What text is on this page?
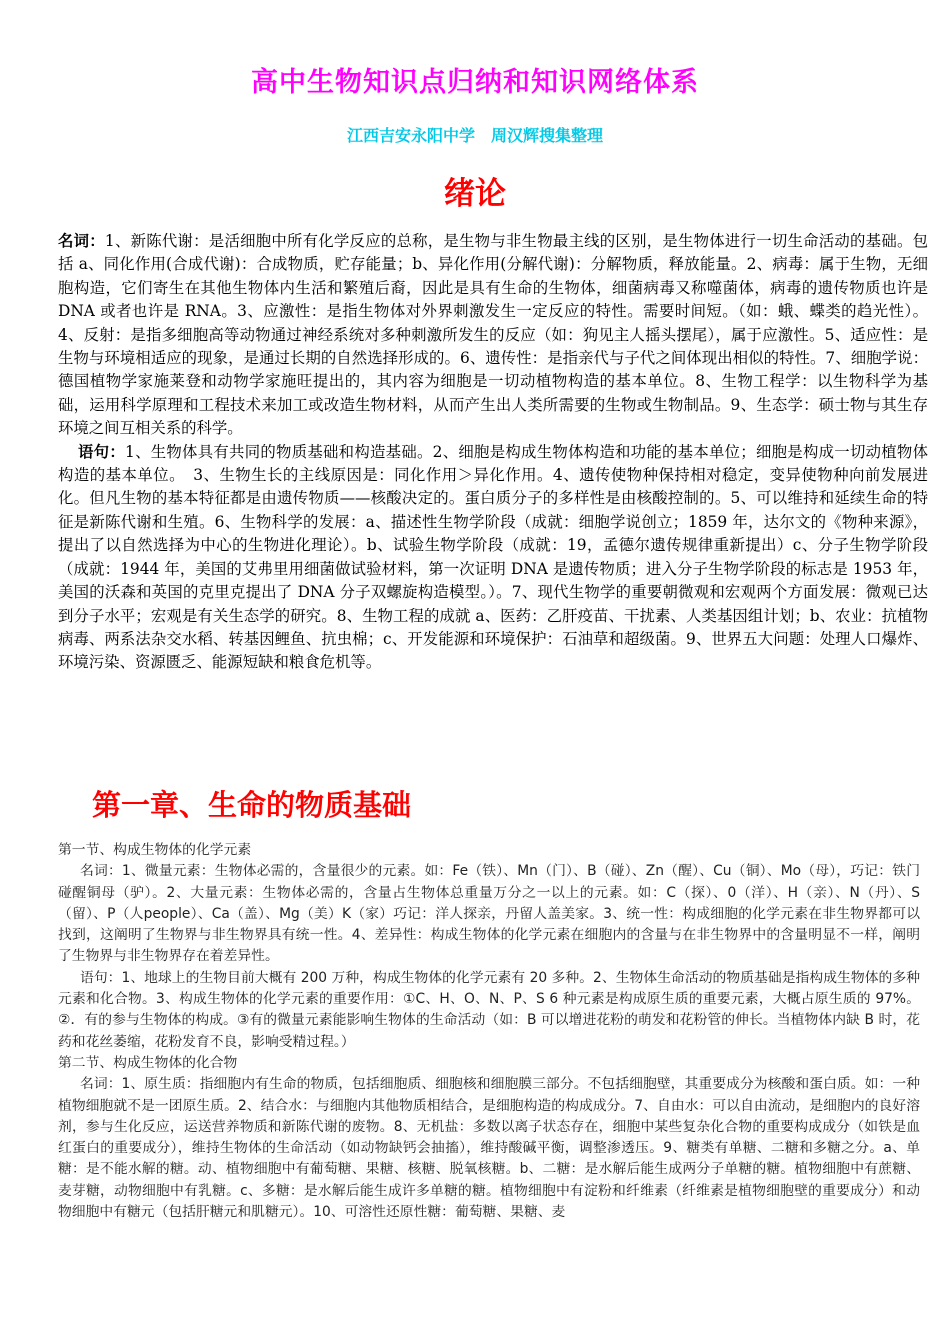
高中生物知识点归纳和知识网络体系
江西吉安永阳中学　周汉辉搜集整理
绪论

名词：1、新陈代谢：是活细胞中所有化学反应的总称，是生物与非生物最主线的区别，是生物体进行一切生命活动的基础。包括 a、同化作用(合成代谢)：合成物质，贮存能量；b、异化作用(分解代谢)：分解物质，释放能量。2、病毒：属于生物，无细胞构造，它们寄生在其他生物体内生活和繁殖后裔，因此是具有生命的生物体，细菌病毒又称噬菌体，病毒的遗传物质也许是 DNA 或者也许是 RNA。3、应激性：是指生物体对外界刺激发生一定反应的特性。需要时间短。（如：蛾、蝶类的趋光性）。4、反射：是指多细胞高等动物通过神经系统对多种刺激所发生的反应（如：狗见主人摇头摆尾），属于应激性。5、适应性：是生物与环境相适应的现象，是通过长期的自然选择形成的。6、遗传性：是指亲代与子代之间体现出相似的特性。7、细胞学说：德国植物学家施莱登和动物学家施旺提出的，其内容为细胞是一切动植物构造的基本单位。8、生物工程学：以生物科学为基础，运用科学原理和工程技术来加工或改造生物材料，从而产生出人类所需要的生物或生物制品。9、生态学：硕士物与其生存环境之间互相关系的科学。

语句：1、生物体具有共同的物质基础和构造基础。2、细胞是构成生物体构造和功能的基本单位；细胞是构成一切动植物体构造的基本单位。　3、生物生长的主线原因是：同化作用＞异化作用。4、遗传使物种保持相对稳定，变异使物种向前发展进化。但凡生物的基本特征都是由遗传物质——核酸决定的。蛋白质分子的多样性是由核酸控制的。5、可以维持和延续生命的特征是新陈代谢和生殖。6、生物科学的发展：a、描述性生物学阶段（成就：细胞学说创立；1859 年，达尔文的《物种来源》，提出了以自然选择为中心的生物进化理论）。b、试验生物学阶段（成就：19，孟德尔遗传规律重新提出）c、分子生物学阶段（成就：1944 年，美国的艾弗里用细菌做试验材料，第一次证明 DNA 是遗传物质；进入分子生物学阶段的标志是 1953 年，美国的沃森和英国的克里克提出了 DNA 分子双螺旋构造模型。）。7、现代生物学的重要朝微观和宏观两个方面发展：微观已达到分子水平；宏观是有关生态学的研究。8、生物工程的成就 a、医药：乙肝疫苗、干扰素、人类基因组计划；b、农业：抗植物病毒、两系法杂交水稻、转基因鲤鱼、抗虫棉；c、开发能源和环境保护：石油草和超级菌。9、世界五大问题：处理人口爆炸、环境污染、资源匮乏、能源短缺和粮食危机等。

第一章、生命的物质基础

第一节、构成生物体的化学元素

名词：1、微量元素：生物体必需的，含量很少的元素。如：Fe（铁）、Mn（门）、B（碰）、Zn（醒）、Cu（铜）、Mo（母），巧记：铁门碰醒铜母（驴）。2、大量元素：生物体必需的，含量占生物体总重量万分之一以上的元素。如：C（探）、0（洋）、H（亲）、N（丹）、S（留）、P（人people）、Ca（盖）、Mg（美）K（家）巧记：洋人探亲，丹留人盖美家。3、统一性：构成细胞的化学元素在非生物界都可以找到，这阐明了生物界与非生物界具有统一性。4、差异性：构成生物体的化学元素在细胞内的含量与在非生物界中的含量明显不一样，阐明了生物界与非生物界存在着差异性。

语句：1、地球上的生物目前大概有 200 万种，构成生物体的化学元素有 20 多种。2、生物体生命活动的物质基础是指构成生物体的多种元素和化合物。3、构成生物体的化学元素的重要作用：①C、H、O、N、P、S 6 种元素是构成原生质的重要元素，大概占原生质的 97%。②．有的参与生物体的构成。③有的微量元素能影响生物体的生命活动（如：B 可以增进花粉的萌发和花粉管的伸长。当植物体内缺 B 时，花药和花丝萎缩，花粉发育不良，影响受精过程。）

第二节、构成生物体的化合物

名词：1、原生质：指细胞内有生命的物质，包括细胞质、细胞核和细胞膜三部分。不包括细胞壁，其重要成分为核酸和蛋白质。如：一种植物细胞就不是一团原生质。2、结合水：与细胞内其他物质相结合，是细胞构造的构成成分。7、自由水：可以自由流动，是细胞内的良好溶剂，参与生化反应，运送营养物质和新陈代谢的废物。8、无机盐：多数以离子状态存在，细胞中某些复杂化合物的重要构成成分（如铁是血红蛋白的重要成分），维持生物体的生命活动（如动物缺钙会抽搐），维持酸碱平衡，调整渗透压。9、糖类有单糖、二糖和多糖之分。a、单糖：是不能水解的糖。动、植物细胞中有葡萄糖、果糖、核糖、脱氧核糖。b、二糖：是水解后能生成两分子单糖的糖。植物细胞中有蔗糖、麦芽糖，动物细胞中有乳糖。c、多糖：是水解后能生成许多单糖的糖。植物细胞中有淀粉和纤维素（纤维素是植物细胞壁的重要成分）和动物细胞中有糖元（包括肝糖元和肌糖元）。10、可溶性还原性糖：葡萄糖、果糖、麦
